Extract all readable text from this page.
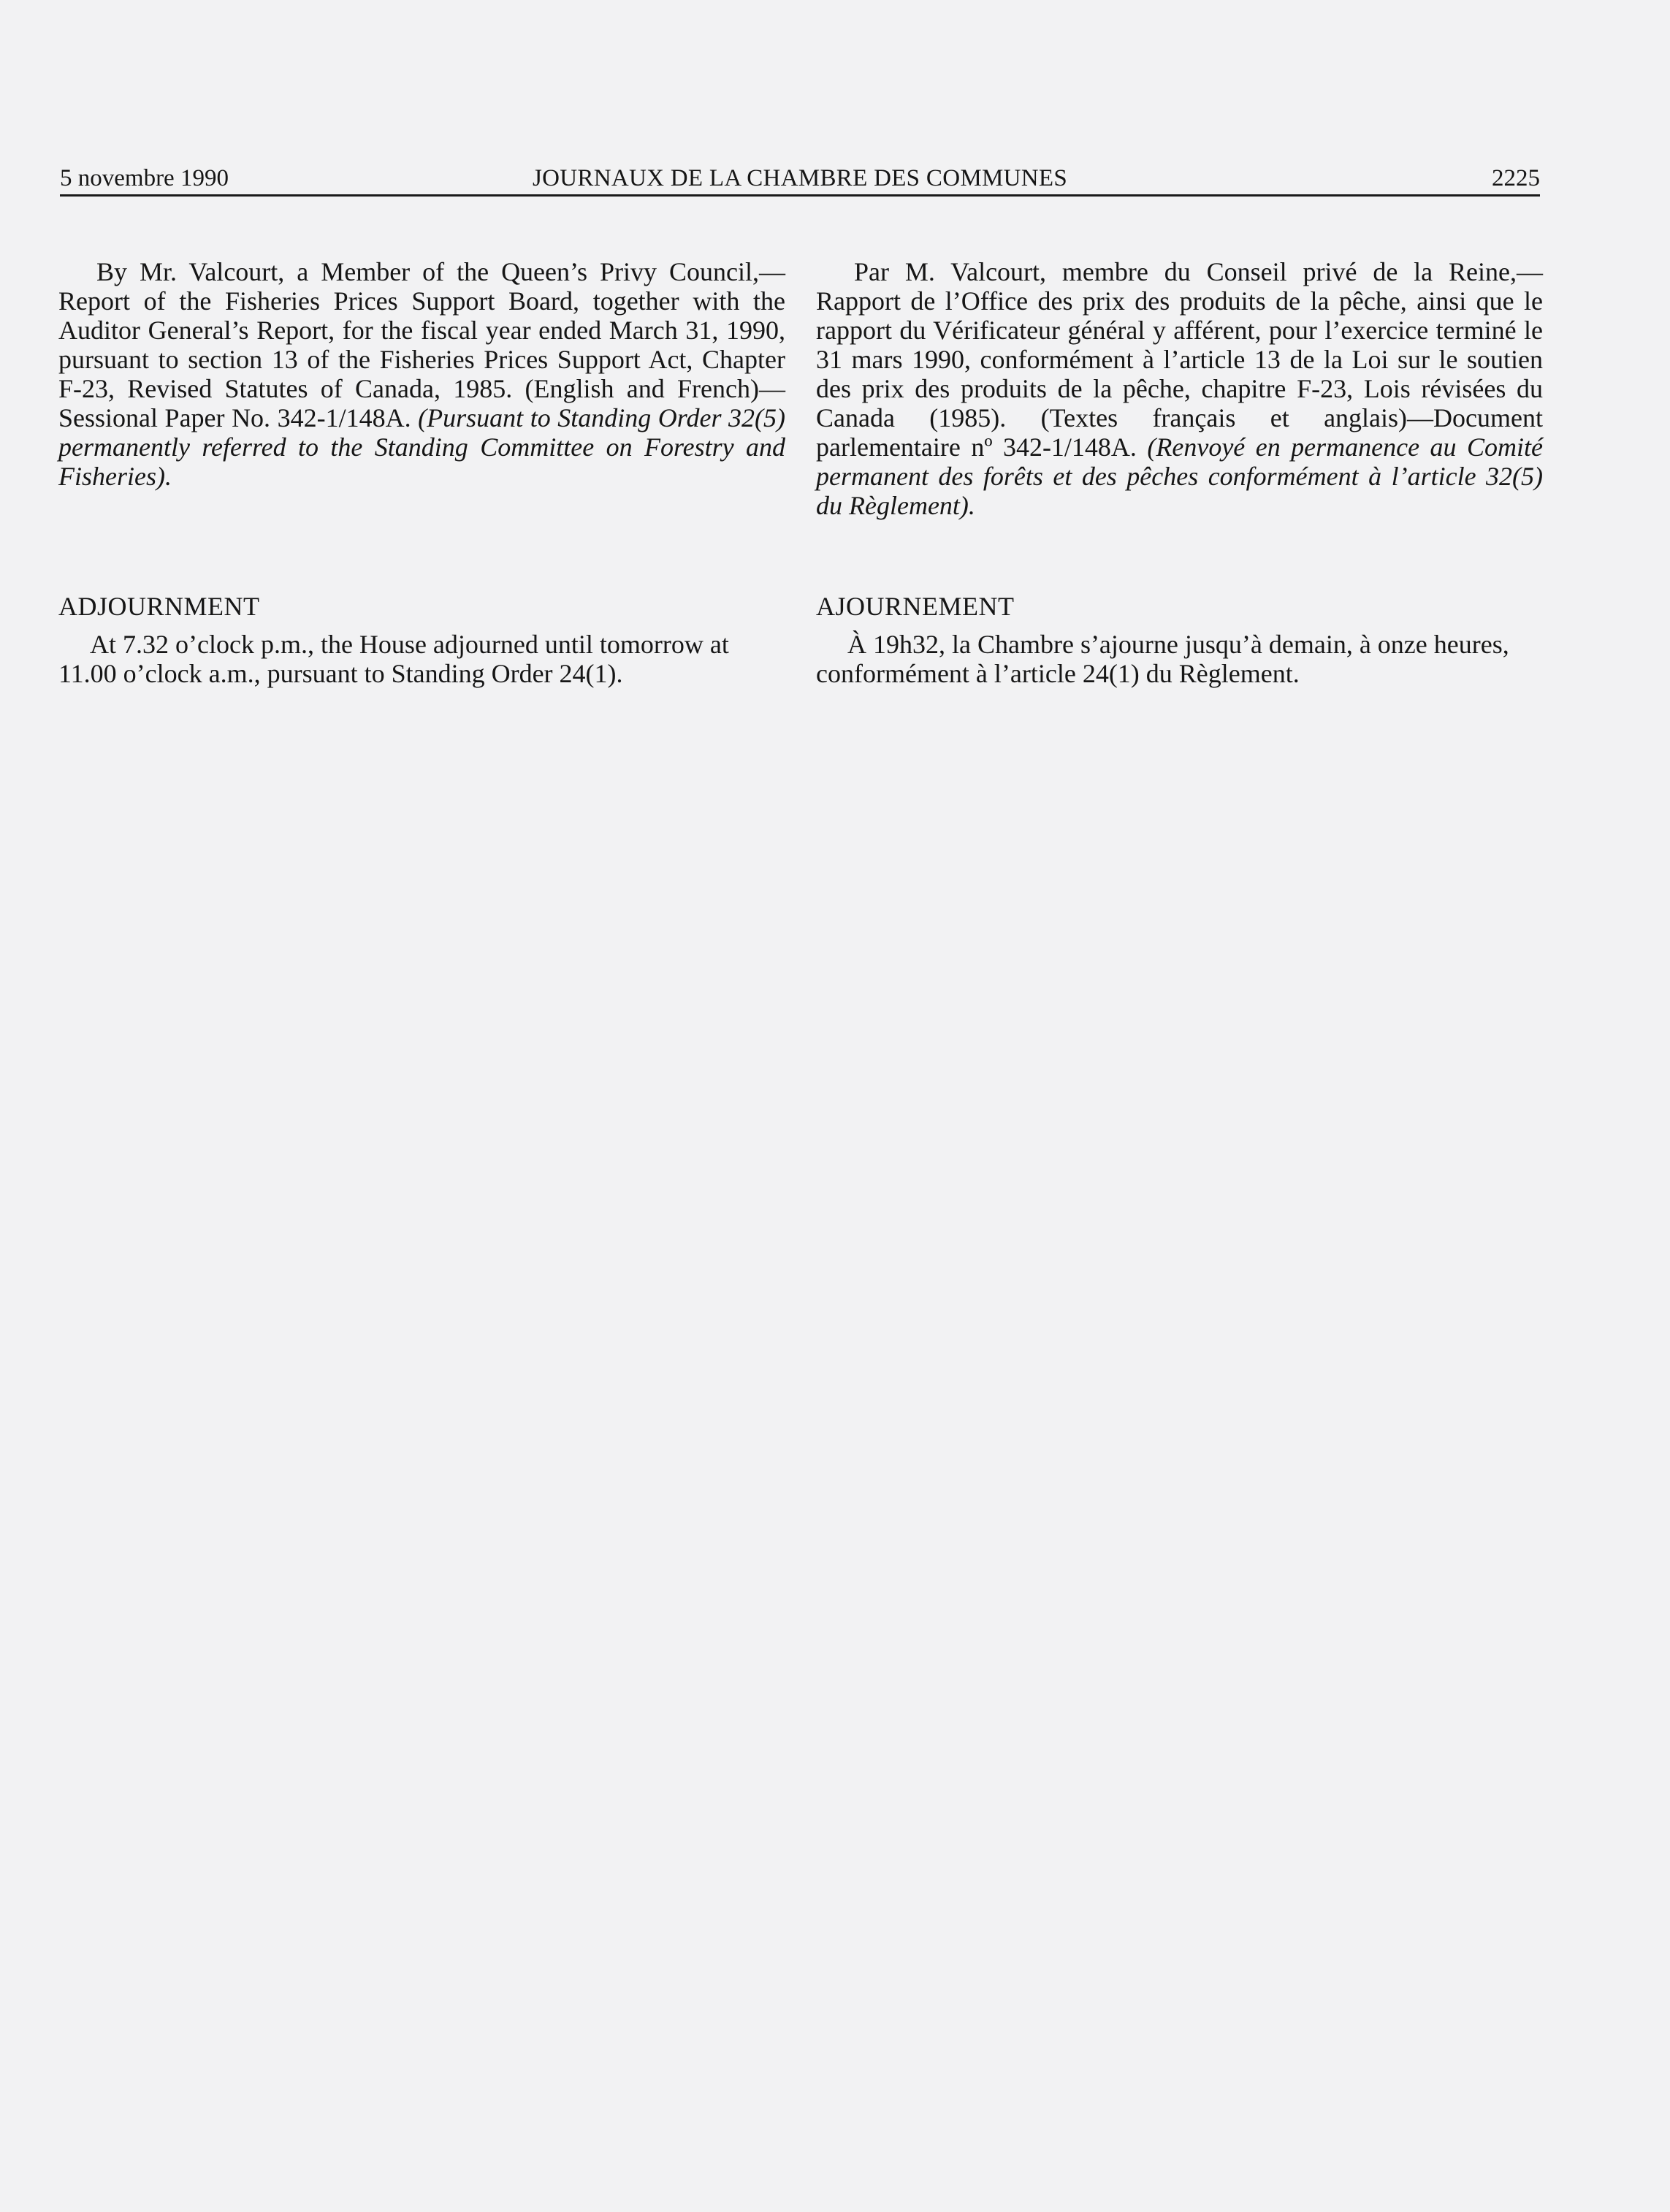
5 novembre 1990	JOURNAUX DE LA CHAMBRE DES COMMUNES	2225

By Mr. Valcourt, a Member of the Queen’s Privy Council,—Report of the Fisheries Prices Support Board, together with the Auditor General’s Report, for the fiscal year ended March 31, 1990, pursuant to section 13 of the Fisheries Prices Support Act, Chapter F-23, Revised Statutes of Canada, 1985. (English and French)—Sessional Paper No. 342-1/148A. (Pursuant to Standing Order 32(5) permanently referred to the Standing Committee on Forestry and Fisheries).

ADJOURNMENT

At 7.32 o’clock p.m., the House adjourned until tomorrow at 11.00 o’clock a.m., pursuant to Standing Order 24(1).

Par M. Valcourt, membre du Conseil privé de la Reine,—Rapport de l’Office des prix des produits de la pêche, ainsi que le rapport du Vérificateur général y afférent, pour l’exercice terminé le 31 mars 1990, conformément à l’article 13 de la Loi sur le soutien des prix des produits de la pêche, chapitre F-23, Lois révisées du Canada (1985). (Textes français et anglais)—Document parlementaire nº 342-1/148A. (Renvoyé en permanence au Comité permanent des forêts et des pêches conformément à l’article 32(5) du Règlement).

AJOURNEMENT

À 19h32, la Chambre s’ajourne jusqu’à demain, à onze heures, conformément à l’article 24(1) du Règlement.
